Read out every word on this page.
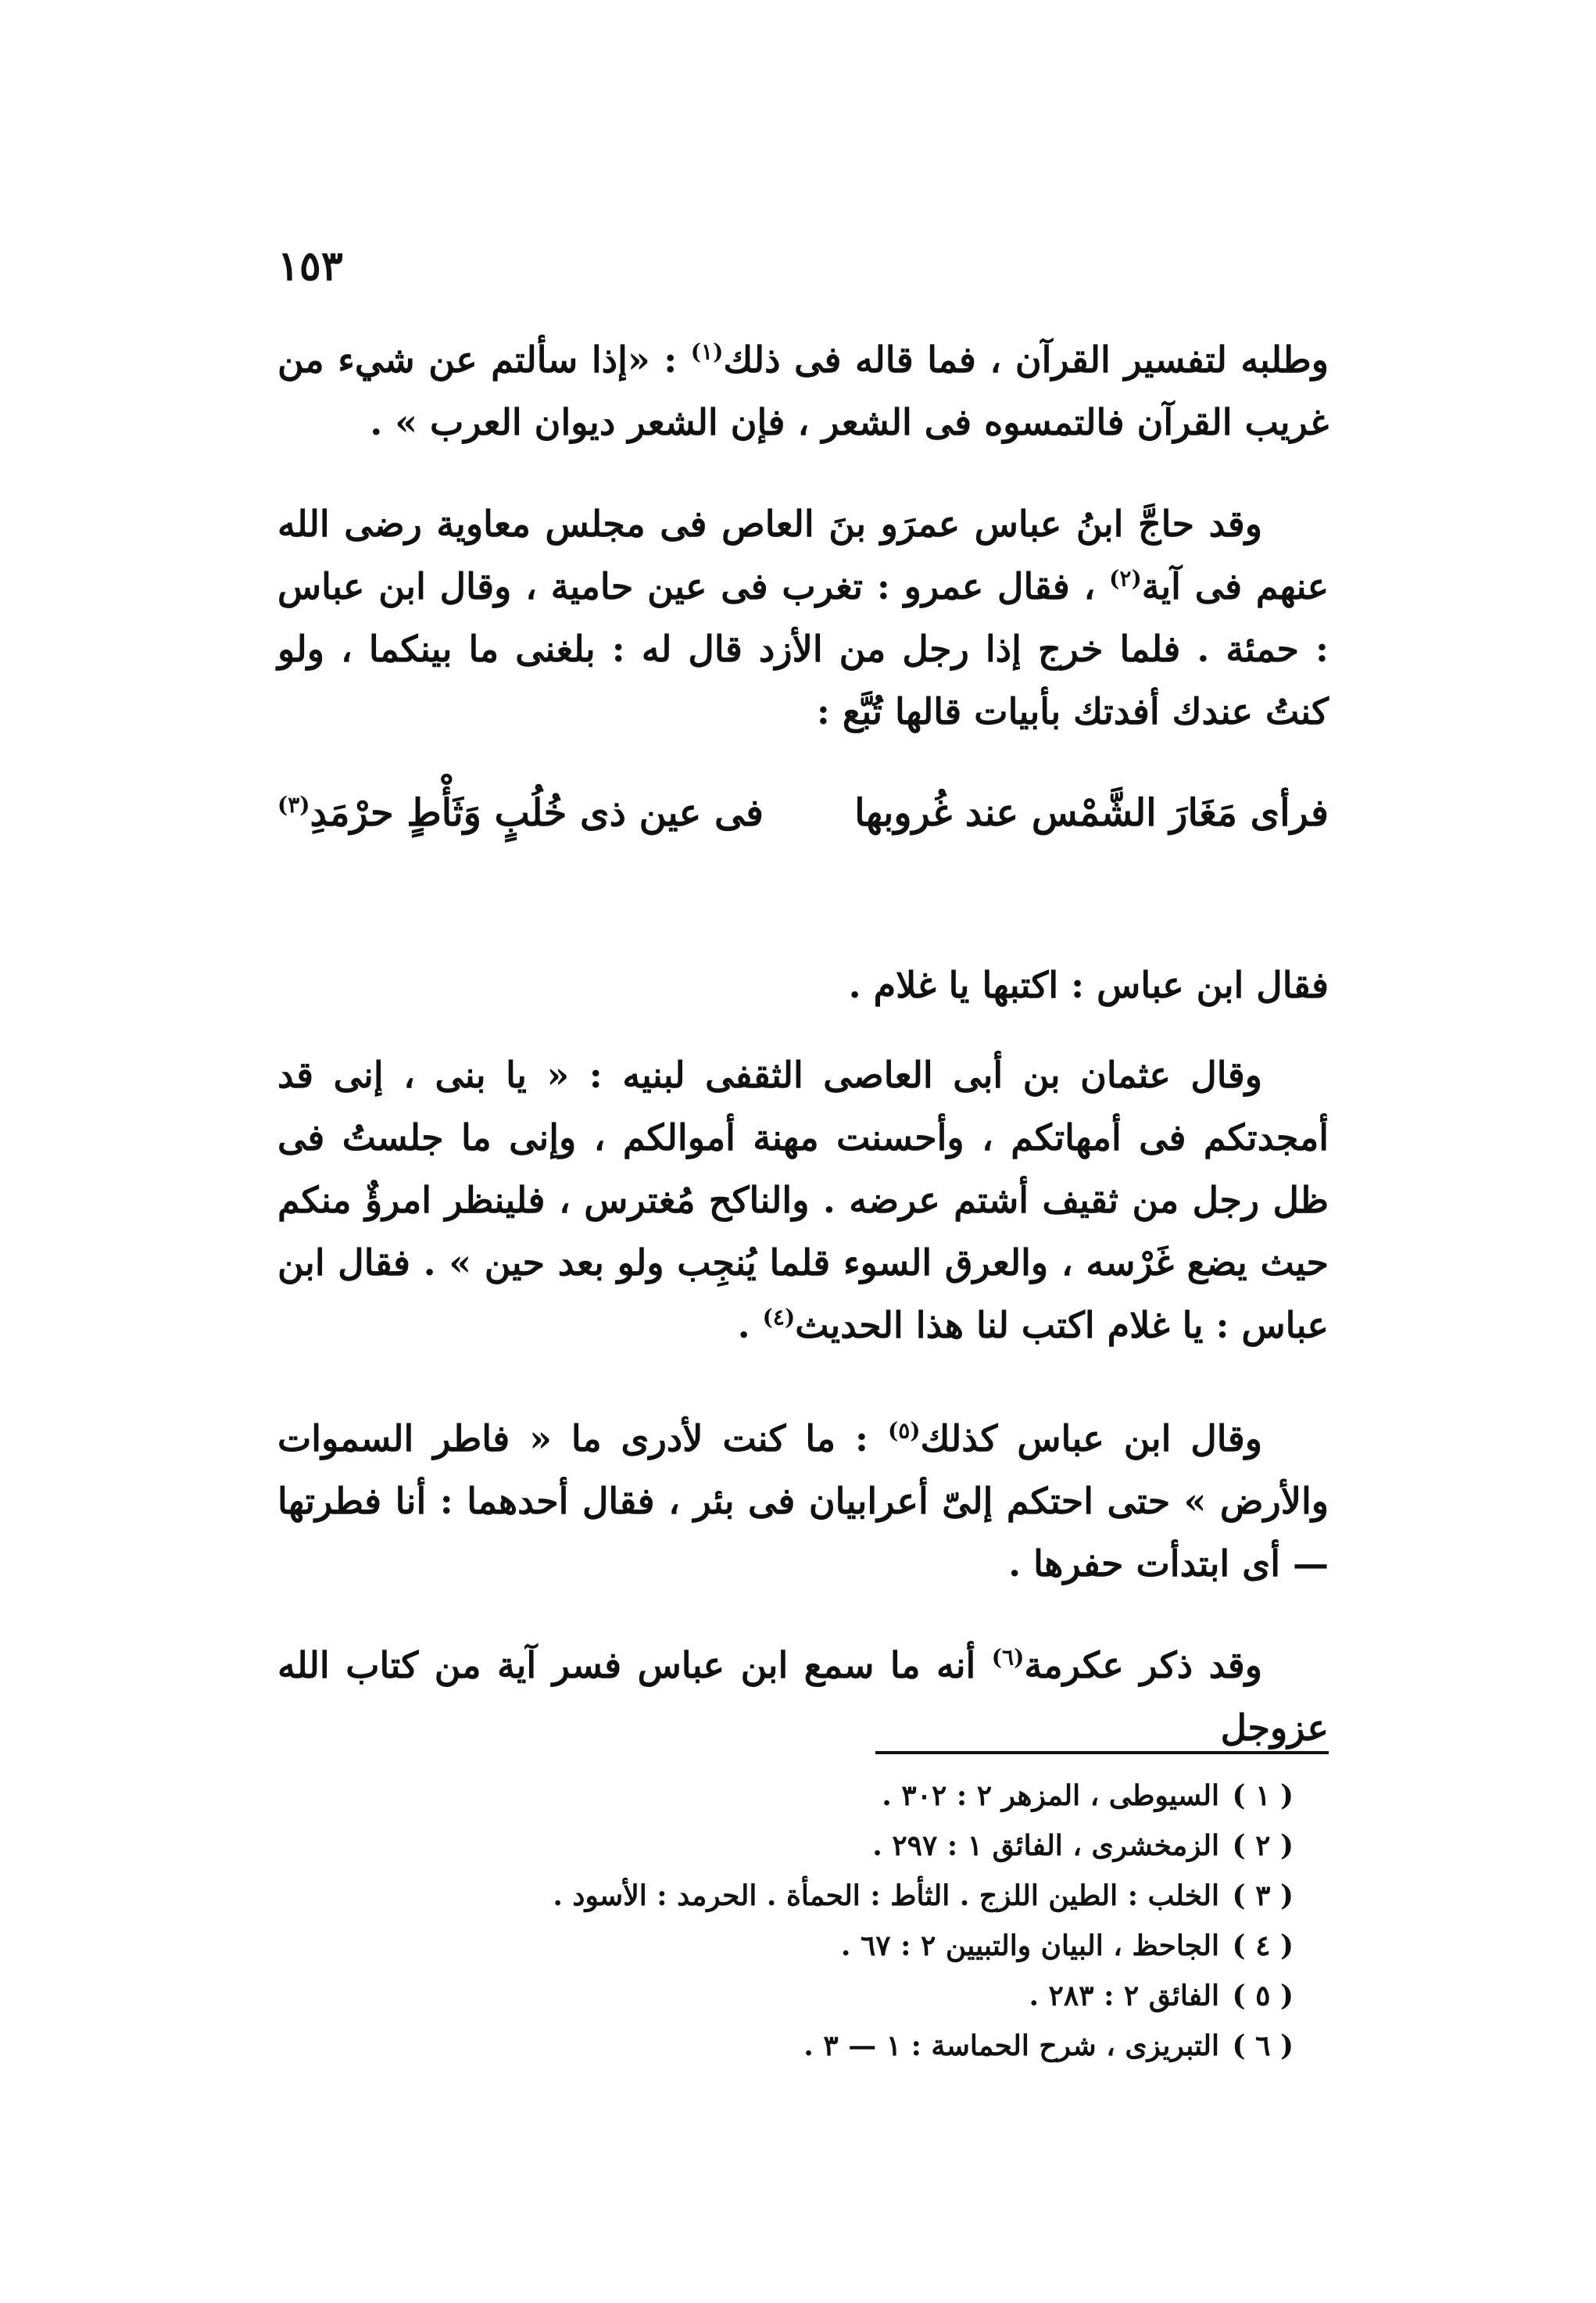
١٥٣

وطلبه لتفسير القرآن ، فما قاله فى ذلك$^{(١)}$ : «إذا سألتم عن شيء من غريب القرآن فالتمسوه فى الشعر ، فإن الشعر ديوان العرب » .

وقد حاجَّ ابنُ عباس عمرَو بنَ العاص فى مجلس معاوية رضى الله عنهم فى آية$^{(٢)}$ ، فقال عمرو : تغرب فى عين حامية ، وقال ابن عباس : حمئة . فلما خرج إذا رجل من الأزد قال له : بلغنى ما بينكما ، ولو كنتُ عندك أفدتك بأبيات قالها تُبَّع :

فرأى مَغَارَ الشَّمْس عند غُروبها
فى عين ذى خُلُبٍ وَثَأْطٍ حرْمَدِ$^{(٣)}$

فقال ابن عباس : اكتبها يا غلام .

وقال عثمان بن أبى العاصى الثقفى لبنيه : « يا بنى ، إنى قد أمجدتكم فى أمهاتكم ، وأحسنت مهنة أموالكم ، وإنى ما جلستُ فى ظل رجل من ثقيف أشتم عرضه . والناكح مُغترس ، فلينظر امرؤٌ منكم حيث يضع غَرْسه ، والعرق السوء قلما يُنجِب ولو بعد حين » . فقال ابن عباس : يا غلام اكتب لنا هذا الحديث$^{(٤)}$ .

وقال ابن عباس كذلك$^{(٥)}$ : ما كنت لأدرى ما « فاطر السموات والأرض » حتى احتكم إلىّ أعرابيان فى بئر ، فقال أحدهما : أنا فطرتها — أى ابتدأت حفرها .

وقد ذكر عكرمة$^{(٦)}$ أنه ما سمع ابن عباس فسر آية من كتاب الله عزوجل

( ١ )السيوطى ، المزهر ٢ : ٣٠٢ .
( ٢ )الزمخشرى ، الفائق ١ : ٢٩٧ .
( ٣ )الخلب : الطين اللزج . الثأط : الحمأة . الحرمد : الأسود .
( ٤ )الجاحظ ، البيان والتبيين ٢ : ٦٧ .
( ٥ )الفائق ٢ : ٢٨٣ .
( ٦ )التبريزى ، شرح الحماسة : ١ — ٣ .
